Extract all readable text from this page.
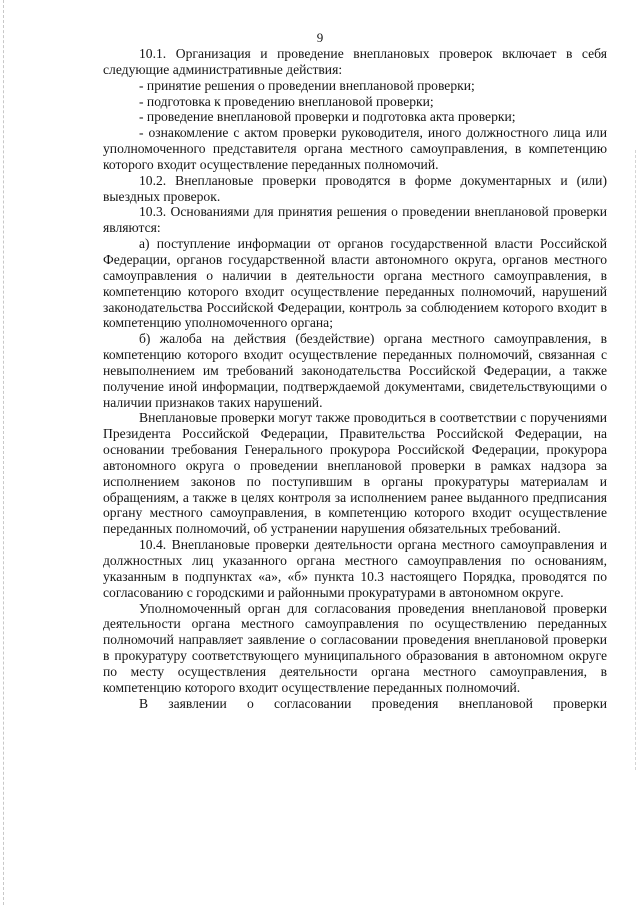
9

10.1. Организация и проведение внеплановых проверок включает в себя следующие административные действия:

- принятие решения о проведении внеплановой проверки;

- подготовка к проведению внеплановой проверки;

- проведение внеплановой проверки и подготовка акта проверки;

- ознакомление с актом проверки руководителя, иного должностного лица или уполномоченного представителя органа местного самоуправления, в компетенцию которого входит осуществление переданных полномочий.

10.2. Внеплановые проверки проводятся в форме документарных и (или) выездных проверок.

10.3. Основаниями для принятия решения о проведении внеплановой проверки являются:

а) поступление информации от органов государственной власти Российской Федерации, органов государственной власти автономного округа, органов местного самоуправления о наличии в деятельности органа местного самоуправления, в компетенцию которого входит осуществление переданных полномочий, нарушений законодательства Российской Федерации, контроль за соблюдением которого входит в компетенцию уполномоченного органа;

б) жалоба на действия (бездействие) органа местного самоуправления, в компетенцию которого входит осуществление переданных полномочий, связанная с невыполнением им требований законодательства Российской Федерации, а также получение иной информации, подтверждаемой документами, свидетельствующими о наличии признаков таких нарушений.

Внеплановые проверки могут также проводиться в соответствии с поручениями Президента Российской Федерации, Правительства Российской Федерации, на основании требования Генерального прокурора Российской Федерации, прокурора автономного округа о проведении внеплановой проверки в рамках надзора за исполнением законов по поступившим в органы прокуратуры материалам и обращениям, а также в целях контроля за исполнением ранее выданного предписания органу местного самоуправления, в компетенцию которого входит осуществление переданных полномочий, об устранении нарушения обязательных требований.

10.4. Внеплановые проверки деятельности органа местного самоуправления и должностных лиц указанного органа местного самоуправления по основаниям, указанным в подпунктах «а», «б» пункта 10.3 настоящего Порядка, проводятся по согласованию с городскими и районными прокуратурами в автономном округе.

Уполномоченный орган для согласования проведения внеплановой проверки деятельности органа местного самоуправления по осуществлению переданных полномочий направляет заявление о согласовании проведения внеплановой проверки в прокуратуру соответствующего муниципального образования в автономном округе по месту осуществления деятельности органа местного самоуправления, в компетенцию которого входит осуществление переданных полномочий.

В заявлении о согласовании проведения внеплановой проверки
